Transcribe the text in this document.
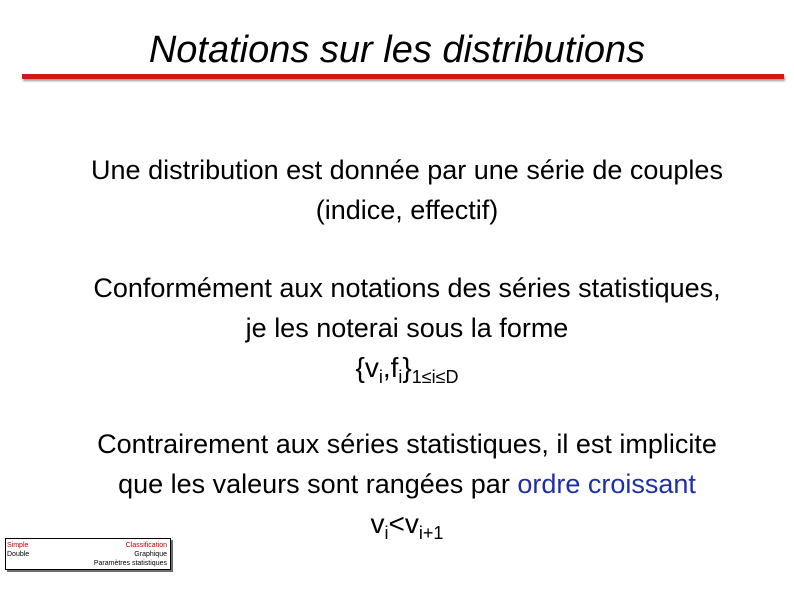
Notations sur les distributions
Une distribution est donnée par une série de couples
(indice, effectif)
Conformément aux notations des séries statistiques,
je les noterai sous la forme
$\{v_i,f_i\}_{1\le i\le D}$
Contrairement aux séries statistiques, il est implicite
que les valeurs sont rangées par ordre croissant
$v_i<v_{i+1}$
Simple
Double
Classification
Graphique
Paramètres statistiques
